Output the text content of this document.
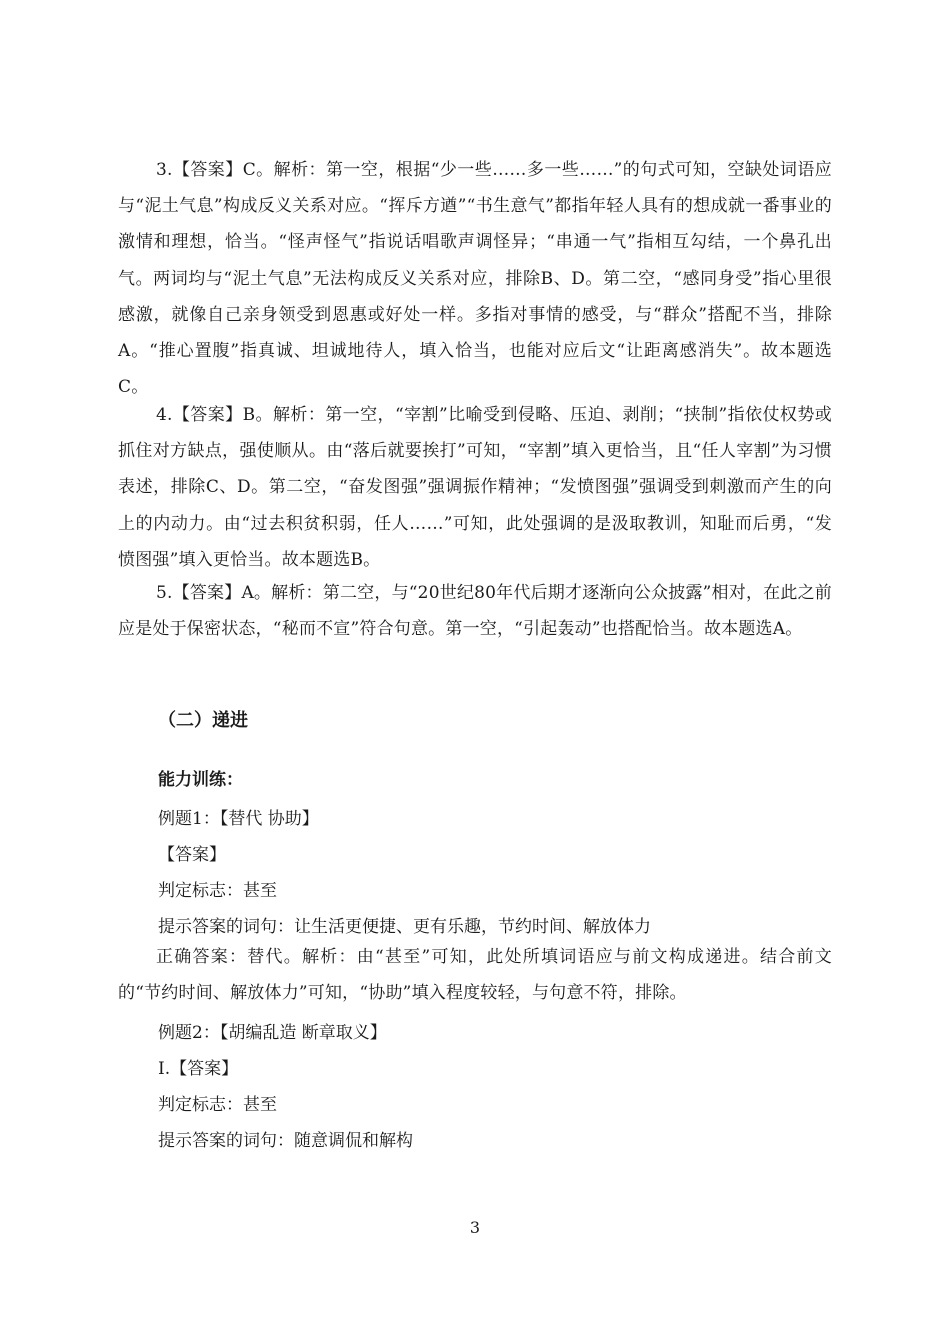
3.【答案】C。解析：第一空，根据“少一些……多一些……”的句式可知，空缺处词语应与“泥土气息”构成反义关系对应。“挥斥方遒”“书生意气”都指年轻人具有的想成就一番事业的激情和理想，恰当。“怪声怪气”指说话唱歌声调怪异；“串通一气”指相互勾结，一个鼻孔出气。两词均与“泥土气息”无法构成反义关系对应，排除B、D。第二空，“感同身受”指心里很感激，就像自己亲身领受到恩惠或好处一样。多指对事情的感受，与“群众”搭配不当，排除A。“推心置腹”指真诚、坦诚地待人，填入恰当，也能对应后文“让距离感消失”。故本题选C。

4.【答案】B。解析：第一空，“宰割”比喻受到侵略、压迫、剥削；“挟制”指依仗权势或抓住对方缺点，强使顺从。由“落后就要挨打”可知，“宰割”填入更恰当，且“任人宰割”为习惯表述，排除C、D。第二空，“奋发图强”强调振作精神；“发愤图强”强调受到刺激而产生的向上的内动力。由“过去积贫积弱，任人……”可知，此处强调的是汲取教训，知耻而后勇，“发愤图强”填入更恰当。故本题选B。

5.【答案】A。解析：第二空，与“20世纪80年代后期才逐渐向公众披露”相对，在此之前应是处于保密状态，“秘而不宣”符合句意。第一空，“引起轰动”也搭配恰当。故本题选A。

（二）递进

能力训练：

例题1：【替代 协助】

【答案】

判定标志：甚至

提示答案的词句：让生活更便捷、更有乐趣，节约时间、解放体力

正确答案：替代。解析：由“甚至”可知，此处所填词语应与前文构成递进。结合前文的“节约时间、解放体力”可知，“协助”填入程度较轻，与句意不符，排除。

例题2：【胡编乱造 断章取义】

Ⅰ.【答案】

判定标志：甚至

提示答案的词句：随意调侃和解构

3
